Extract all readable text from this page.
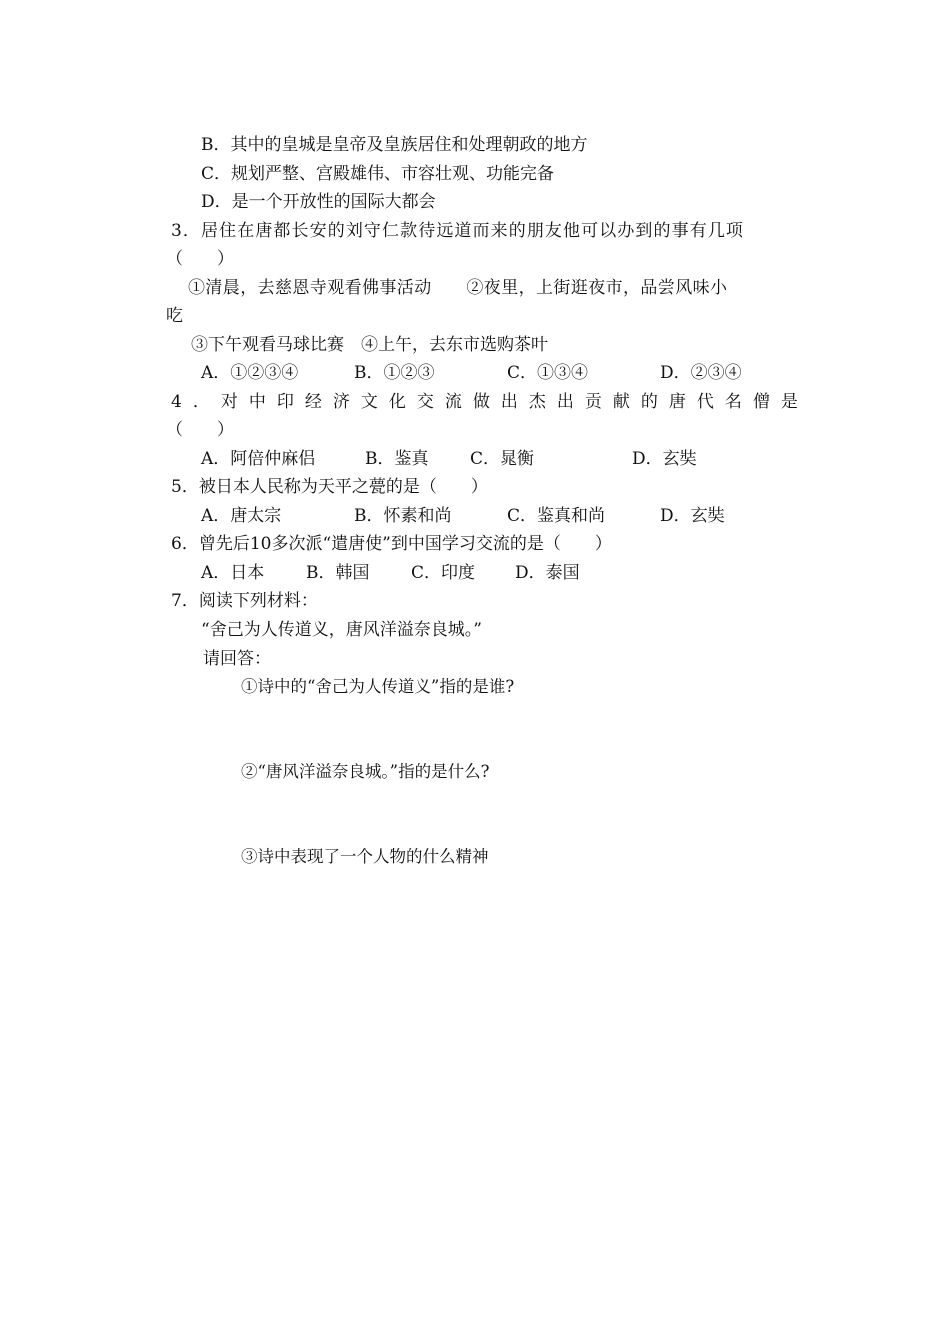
B．其中的皇城是皇帝及皇族居住和处理朝政的地方
C．规划严整、宫殿雄伟、市容壮观、功能完备
D．是一个开放性的国际大都会
3．居住在唐都长安的刘守仁款待远道而来的朋友他可以办到的事有几项
（　　）
①清晨，去慈恩寺观看佛事活动　　②夜里，上街逛夜市，品尝风味小
吃
③下午观看马球比赛　④上午，去东市选购茶叶
A．①②③④	B．①②③	C．①③④	D．②③④
4．对中印经济文化交流做出杰出贡献的唐代名僧是
（　　）
A．阿倍仲麻侣	B．鉴真 C．晁衡	D．玄奘
5．被日本人民称为天平之甍的是（　　）
A．唐太宗	B．怀素和尚	C．鉴真和尚	D．玄奘
6．曾先后10多次派“遣唐使”到中国学习交流的是（　　）
A．日本 B．韩国 C．印度 D．泰国
7．阅读下列材料：
“舍己为人传道义，唐风洋溢奈良城。”
请回答：
①诗中的“舍己为人传道义”指的是谁?
②“唐风洋溢奈良城。”指的是什么?
③诗中表现了一个人物的什么精神
